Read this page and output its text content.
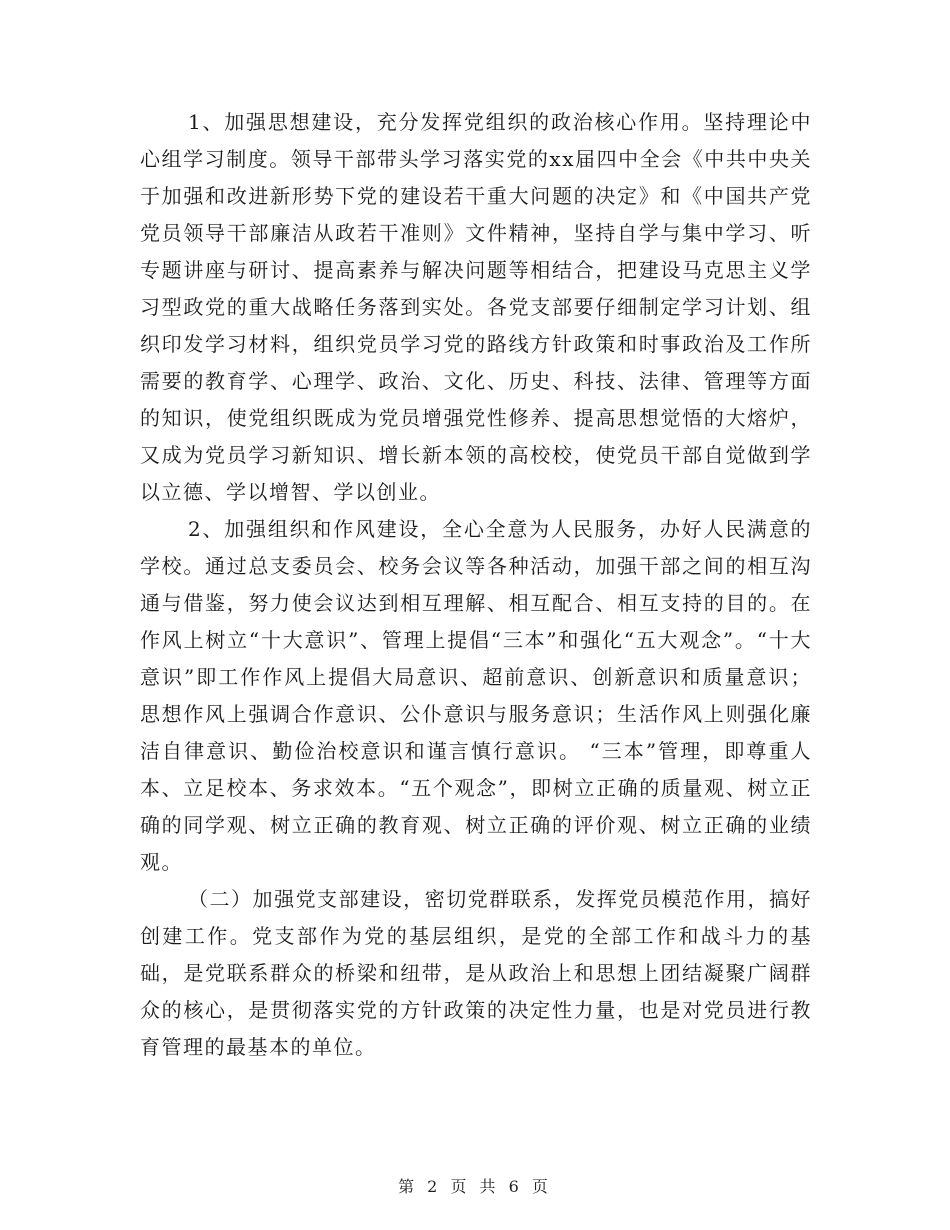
1、加强思想建设，充分发挥党组织的政治核心作用。坚持理论中心组学习制度。领导干部带头学习落实党的xx届四中全会《中共中央关于加强和改进新形势下党的建设若干重大问题的决定》和《中国共产党党员领导干部廉洁从政若干准则》文件精神，坚持自学与集中学习、听专题讲座与研讨、提高素养与解决问题等相结合，把建设马克思主义学习型政党的重大战略任务落到实处。各党支部要仔细制定学习计划、组织印发学习材料，组织党员学习党的路线方针政策和时事政治及工作所需要的教育学、心理学、政治、文化、历史、科技、法律、管理等方面的知识，使党组织既成为党员增强党性修养、提高思想觉悟的大熔炉，又成为党员学习新知识、增长新本领的高校校，使党员干部自觉做到学以立德、学以增智、学以创业。

2、加强组织和作风建设，全心全意为人民服务，办好人民满意的学校。通过总支委员会、校务会议等各种活动，加强干部之间的相互沟通与借鉴，努力使会议达到相互理解、相互配合、相互支持的目的。在作风上树立“十大意识”、管理上提倡“三本”和强化“五大观念”。“十大意识”即工作作风上提倡大局意识、超前意识、创新意识和质量意识；思想作风上强调合作意识、公仆意识与服务意识；生活作风上则强化廉洁自律意识、勤俭治校意识和谨言慎行意识。 “三本”管理，即尊重人本、立足校本、务求效本。“五个观念”，即树立正确的质量观、树立正确的同学观、树立正确的教育观、树立正确的评价观、树立正确的业绩观。

（二）加强党支部建设，密切党群联系，发挥党员模范作用，搞好创建工作。党支部作为党的基层组织，是党的全部工作和战斗力的基础，是党联系群众的桥梁和纽带，是从政治上和思想上团结凝聚广阔群众的核心，是贯彻落实党的方针政策的决定性力量，也是对党员进行教育管理的最基本的单位。

第 2 页 共 6 页
